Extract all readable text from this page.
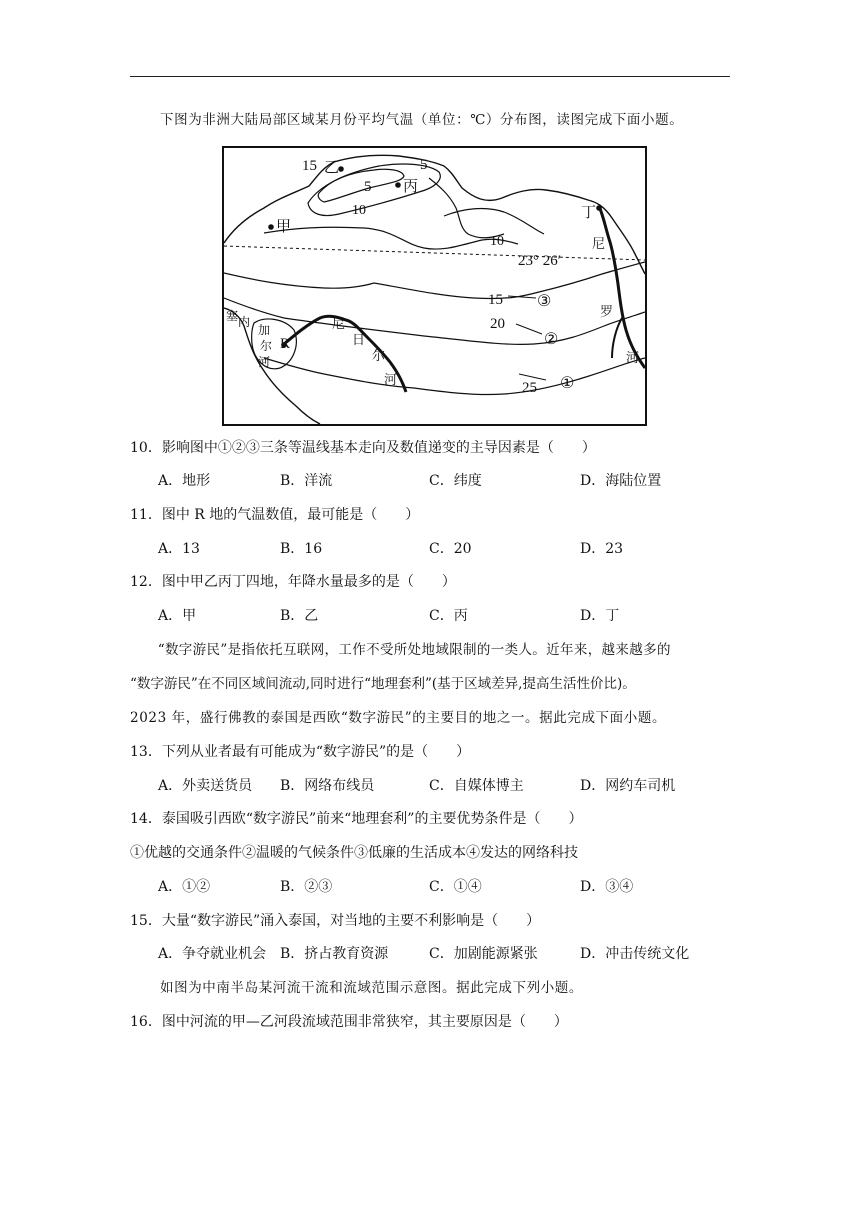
下图为非洲大陆局部区域某月份平均气温（单位：℃）分布图，读图完成下面小题。
15 乙	5
5 丙
10
甲
丁
10
23° 26′
尼
15 ③
20
②
罗
塞 内
加
尔
河
R
尼
日
尔
河
25 ①
河
10．影响图中①②③三条等温线基本走向及数值递变的主导因素是（　　）
A．地形	B．洋流	C．纬度	D．海陆位置
11．图中 R 地的气温数值，最可能是（　　）
A．13	B．16	C．20	D．23
12．图中甲乙丙丁四地，年降水量最多的是（　　）
A．甲	B．乙	C．丙	D．丁
　　“数字游民”是指依托互联网，工作不受所处地域限制的一类人。近年来，越来越多的
“数字游民”在不同区域间流动,同时进行“地理套利”(基于区域差异,提高生活性价比)。
2023 年，盛行佛教的泰国是西欧“数字游民”的主要目的地之一。据此完成下面小题。
13．下列从业者最有可能成为“数字游民”的是（　　）
A．外卖送货员 B．网络布线员	C．自媒体博主	D．网约车司机
14．泰国吸引西欧“数字游民”前来“地理套利”的主要优势条件是（　　）
①优越的交通条件②温暖的气候条件③低廉的生活成本④发达的网络科技
A．①②	B．②③	C．①④	D．③④
15．大量“数字游民”涌入泰国，对当地的主要不利影响是（　　）
A．争夺就业机会 B．挤占教育资源	C．加剧能源紧张	D．冲击传统文化
如图为中南半岛某河流干流和流域范围示意图。据此完成下列小题。
16．图中河流的甲—乙河段流域范围非常狭窄，其主要原因是（　　）
